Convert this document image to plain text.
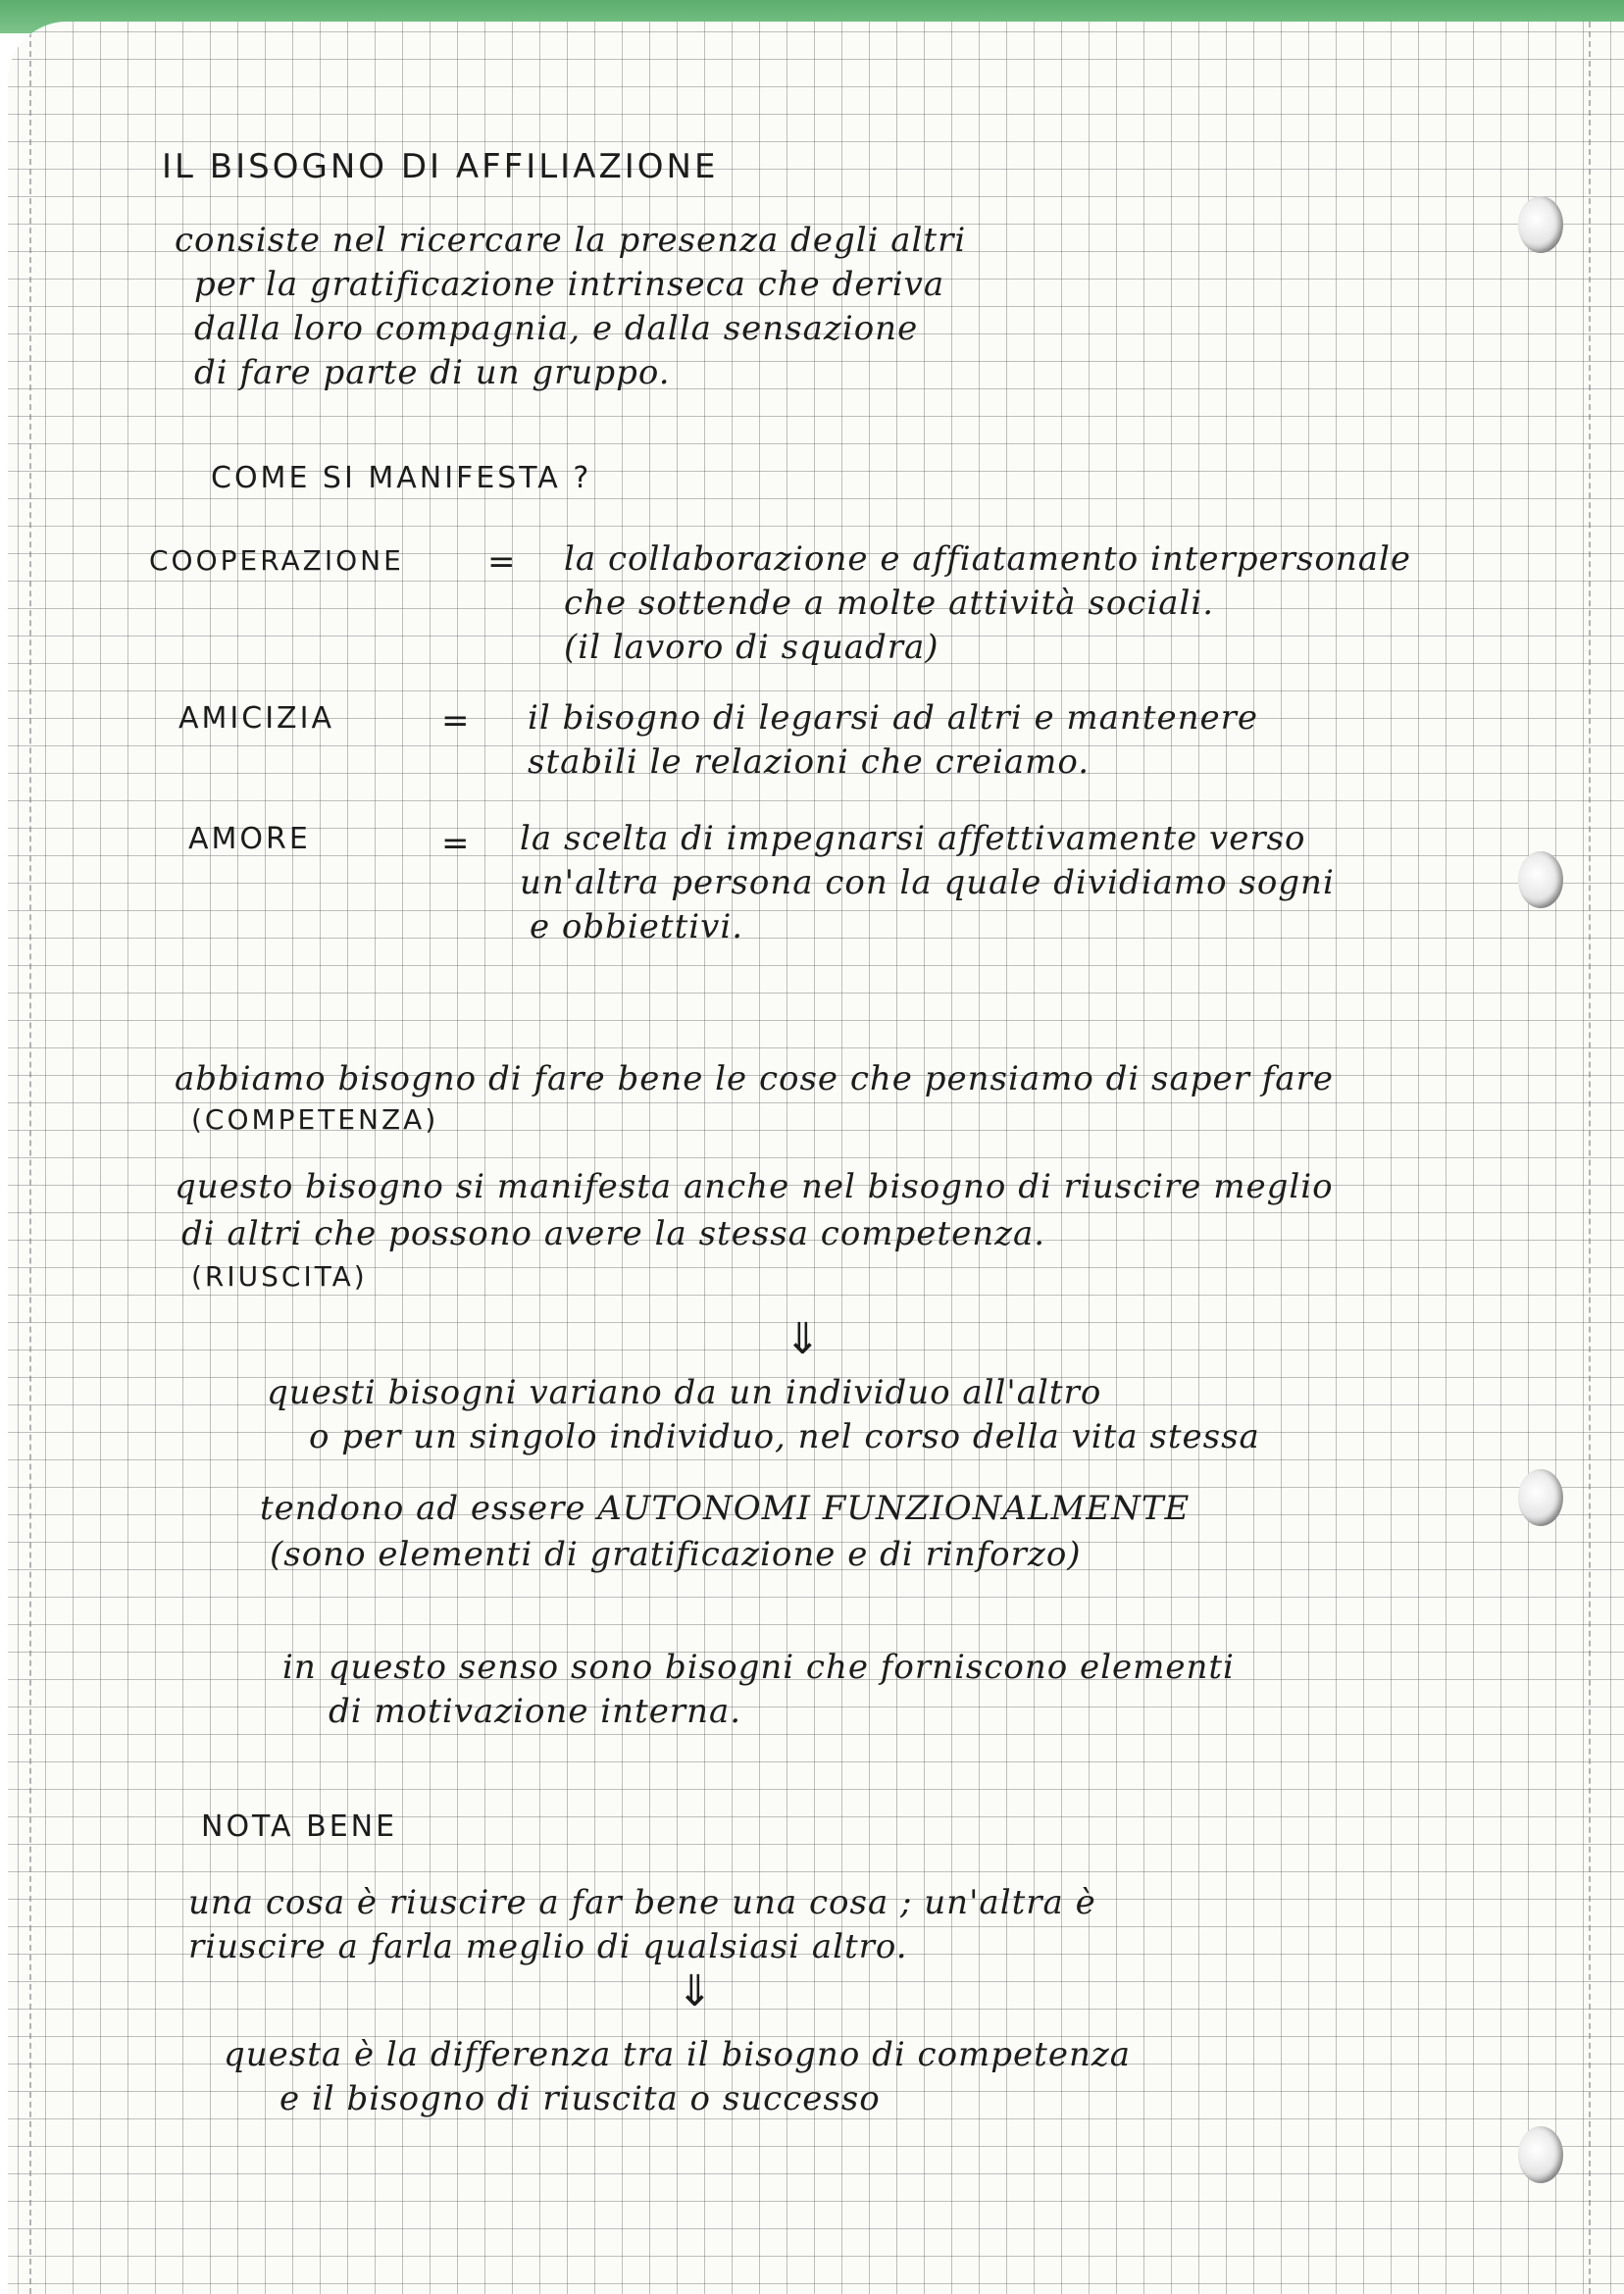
IL BISOGNO DI AFFILIAZIONE
consiste nel ricercare la presenza degli altri
per la gratificazione intrinseca che deriva
dalla loro compagnia, e dalla sensazione
di fare parte di un gruppo.
COME SI MANIFESTA ?
COOPERAZIONE	= la collaborazione e affiatamento interpersonale
che sottende a molte attività sociali.
(il lavoro di squadra)
AMICIZIA	= il bisogno di legarsi ad altri e mantenere
stabili le relazioni che creiamo.
AMORE	= la scelta di impegnarsi affettivamente verso
un'altra persona con la quale dividiamo sogni
e obbiettivi.
abbiamo bisogno di fare bene le cose che pensiamo di saper fare
(COMPETENZA)
questo bisogno si manifesta anche nel bisogno di riuscire meglio
di altri che possono avere la stessa competenza.
(RIUSCITA)
⇓
questi bisogni variano da un individuo all'altro
o per un singolo individuo, nel corso della vita stessa
tendono ad essere AUTONOMI FUNZIONALMENTE
(sono elementi di gratificazione e di rinforzo)
in questo senso sono bisogni che forniscono elementi
di motivazione interna.
NOTA BENE
una cosa è riuscire a far bene una cosa ; un'altra è
riuscire a farla meglio di qualsiasi altro.
⇓
questa è la differenza tra il bisogno di competenza
e il bisogno di riuscita o successo
